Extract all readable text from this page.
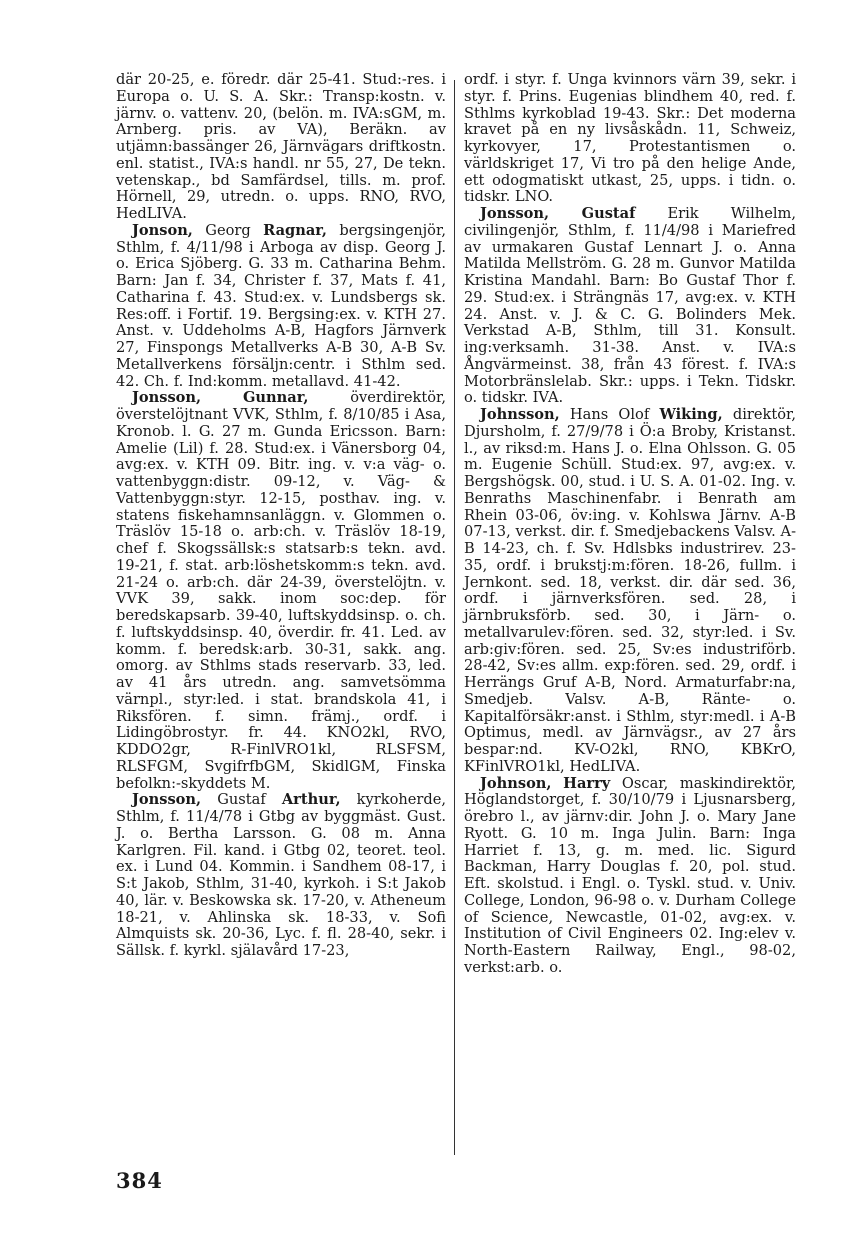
där 20-25, e. föredr. där 25-41. Stud:-res. i Europa o. U. S. A. Skr.: Transp:kostn. v. järnv. o. vattenv. 20, (belön. m. IVA:sGM, m. Arnberg. pris. av VA), Beräkn. av utjämn:bassänger 26, Järnvägars driftkostn. enl. statist., IVA:s handl. nr 55, 27, De tekn. vetenskap., bd Samfärdsel, tills. m. prof. Hörnell, 29, utredn. o. upps. RNO, RVO, HedLIVA.

Jonson, Georg Ragnar, bergsingenjör, Sthlm, f. 4/11/98 i Arboga av disp. Georg J. o. Erica Sjöberg. G. 33 m. Catharina Behm. Barn: Jan f. 34, Christer f. 37, Mats f. 41, Catharina f. 43. Stud:ex. v. Lundsbergs sk. Res:off. i Fortif. 19. Bergsing:ex. v. KTH 27. Anst. v. Uddeholms A-B, Hagfors Järnverk 27, Finspongs Metallverks A-B 30, A-B Sv. Metallverkens försäljn:centr. i Sthlm sed. 42. Ch. f. Ind:komm. metallavd. 41-42.

Jonsson,	Gunnar, överdirektör, överstelöjtnant VVK, Sthlm, f. 8/10/85 i Asa, Kronob. l. G. 27 m. Gunda Ericsson. Barn: Amelie (Lil) f. 28. Stud:ex. i Vänersborg 04, avg:ex. v. KTH 09. Bitr. ing. v. v:a väg- o. vattenbyggn:distr. 09-12, v. Väg- & Vattenbyggn:styr. 12-15, posthav. ing. v. statens fiskehamnsanläggn. v. Glommen o. Träslöv 15-18 o. arb:ch. v. Träslöv 18-19, chef f. Skogssällsk:s statsarb:s tekn. avd. 19-21, f. stat. arb:löshetskomm:s tekn. avd. 21-24 o. arb:ch. där 24-39, överstelöjtn. v. VVK 39, sakk. inom soc:dep. för beredskapsarb. 39-40, luftskyddsinsp. o. ch. f. luftskyddsinsp. 40, överdir. fr. 41. Led. av komm. f. beredsk:arb. 30-31, sakk. ang. omorg. av Sthlms stads reservarb. 33, led. av 41 års utredn. ang. samvetsömma värnpl., styr:led. i stat. brandskola 41, i Riksfören. f. simn. främj., ordf. i Lidingöbrostyr. fr. 44. KNO2kl, RVO, KDDO2gr, R-FinlVRO1kl, RLSFSM, RLSFGM, SvgifrfbGM, SkidlGM, Finska befolkn:-skyddets M.

Jonsson, Gustaf Arthur, kyrkoherde, Sthlm, f. 11/4/78 i Gtbg av byggmäst. Gust. J. o. Bertha Larsson. G. 08 m. Anna Karlgren. Fil. kand. i Gtbg 02, teoret. teol. ex. i Lund 04. Kommin. i Sandhem 08-17, i S:t Jakob, Sthlm, 31-40, kyrkoh. i S:t Jakob 40, lär. v. Beskowska sk. 17-20, v. Atheneum 18-21, v. Ahlinska sk. 18-33, v. Sofi Almquists sk. 20-36, Lyc. f. fl. 28-40, sekr. i Sällsk. f. kyrkl. själavård 17-23,

ordf. i styr. f. Unga kvinnors värn 39, sekr. i styr. f. Prins. Eugenias blindhem 40, red. f. Sthlms kyrkoblad 19-43. Skr.: Det moderna kravet på en ny livsåskådn. 11, Schweiz, kyrkovyer, 17, Protestantismen o. världskriget 17, Vi tro på den helige Ande, ett odogmatiskt utkast, 25, upps. i tidn. o. tidskr. LNO.

Jonsson, Gustaf Erik Wilhelm, civilingenjör, Sthlm, f. 11/4/98 i Mariefred av urmakaren Gustaf Lennart J. o. Anna Matilda Mellström. G. 28 m. Gunvor Matilda Kristina Mandahl. Barn: Bo Gustaf Thor f. 29. Stud:ex. i Strängnäs 17, avg:ex. v. KTH 24. Anst. v. J. & C. G. Bolinders Mek. Verkstad A-B, Sthlm, till 31. Konsult. ing:verksamh. 31-38. Anst. v. IVA:s Ångvärmeinst. 38, från 43 förest. f. IVA:s Motorbränslelab. Skr.: upps. i Tekn. Tidskr. o. tidskr. IVA.

Johnsson, Hans Olof Wiking, direktör, Djursholm, f. 27/9/78 i Ö:a Broby, Kristanst. l., av riksd:m. Hans J. o. Elna Ohlsson. G. 05 m. Eugenie Schüll. Stud:ex. 97, avg:ex. v. Bergshögsk. 00, stud. i U. S. A. 01-02. Ing. v. Benraths Maschinenfabr. i Benrath am Rhein 03-06, öv:ing. v. Kohlswa Järnv. A-B 07-13, verkst. dir. f. Smedjebackens Valsv. A-B 14-23, ch. f. Sv. Hdlsbks industrirev. 23-35, ordf. i brukstj:m:fören. 18-26, fullm. i Jernkont. sed. 18, verkst. dir. där sed. 36, ordf. i järnverksfören. sed. 28, i järnbruksförb. sed. 30, i Järn- o. metallvarulev:fören. sed. 32, styr:led. i Sv. arb:giv:fören. sed. 25, Sv:es industriförb. 28-42, Sv:es allm. exp:fören. sed. 29, ordf. i Herrängs Gruf A-B, Nord. Armaturfabr:na, Smedjeb. Valsv. A-B, Ränte- o. Kapitalförsäkr:anst. i Sthlm, styr:medl. i A-B Optimus, medl. av Järnvägsr., av 27 års bespar:nd. KV-O2kl, RNO, KBKrO, KFinlVRO1kl, HedLIVA.

Johnson, Harry Oscar, maskindirektör, Höglandstorget, f. 30/10/79 i Ljusnarsberg, örebro l., av järnv:dir. John J. o. Mary Jane Ryott. G. 10 m. Inga Julin. Barn: Inga Harriet f. 13, g. m. med. lic. Sigurd Backman, Harry Douglas f. 20, pol. stud. Eft. skolstud. i Engl. o. Tyskl. stud. v. Univ. College, London, 96-98 o. v. Durham College of Science, Newcastle, 01-02, avg:ex. v. Institution of Civil Engineers 02. Ing:elev v. North-Eastern Railway, Engl., 98-02, verkst:arb. o.

384
